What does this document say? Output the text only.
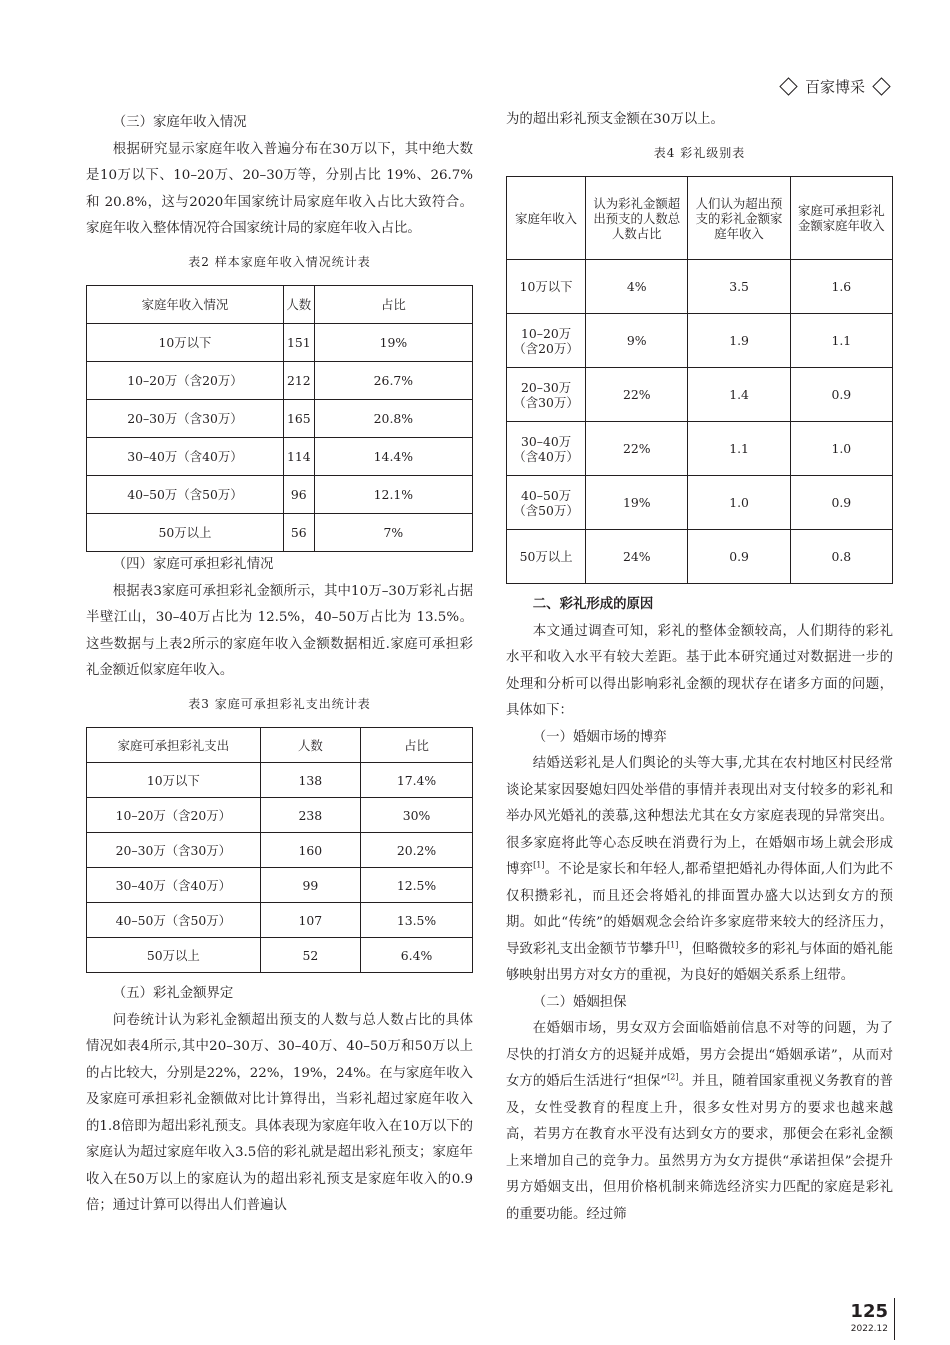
百家博采

（三）家庭年收入情况

根据研究显示家庭年收入普遍分布在30万以下，其中绝大数是10万以下、10–20万、20–30万等，分别占比 19%、26.7%和 20.8%，这与2020年国家统计局家庭年收入占比大致符合。家庭年收入整体情况符合国家统计局的家庭年收入占比。

表2 样本家庭年收入情况统计表
家庭年收入情况	人数	占比
10万以下	151	19%
10–20万（含20万）	212	26.7%
20–30万（含30万）	165	20.8%
30–40万（含40万）	114	14.4%
40–50万（含50万）	96	12.1%
50万以上	56	7%

（四）家庭可承担彩礼情况

根据表3家庭可承担彩礼金额所示，其中10万–30万彩礼占据半壁江山，30–40万占比为 12.5%，40–50万占比为 13.5%。这些数据与上表2所示的家庭年收入金额数据相近.家庭可承担彩礼金额近似家庭年收入。

表3 家庭可承担彩礼支出统计表
家庭可承担彩礼支出	人数	占比
10万以下	138	17.4%
10–20万（含20万）	238	30%
20–30万（含30万）	160	20.2%
30–40万（含40万）	99	12.5%
40–50万（含50万）	107	13.5%
50万以上	52	6.4%

（五）彩礼金额界定

问卷统计认为彩礼金额超出预支的人数与总人数占比的具体情况如表4所示,其中20–30万、30–40万、40–50万和50万以上的占比较大，分别是22%，22%，19%，24%。在与家庭年收入及家庭可承担彩礼金额做对比计算得出，当彩礼超过家庭年收入的1.8倍即为超出彩礼预支。具体表现为家庭年收入在10万以下的家庭认为超过家庭年收入3.5倍的彩礼就是超出彩礼预支；家庭年收入在50万以上的家庭认为的超出彩礼预支是家庭年收入的0.9倍；通过计算可以得出人们普遍认

为的超出彩礼预支金额在30万以上。

表4 彩礼级别表
家庭年收入	认为彩礼金额超出预支的人数总人数占比	人们认为超出预支的彩礼金额家庭年收入	家庭可承担彩礼金额家庭年收入
10万以下	4%	3.5	1.6
10–20万（含20万）	9%	1.9	1.1
20–30万（含30万）	22%	1.4	0.9
30–40万（含40万）	22%	1.1	1.0
40–50万（含50万）	19%	1.0	0.9
50万以上	24%	0.9	0.8

二、彩礼形成的原因

本文通过调查可知，彩礼的整体金额较高，人们期待的彩礼水平和收入水平有较大差距。基于此本研究通过对数据进一步的处理和分析可以得出影响彩礼金额的现状存在诸多方面的问题，具体如下：

（一）婚姻市场的博弈

结婚送彩礼是人们舆论的头等大事,尤其在农村地区村民经常谈论某家因娶媳妇四处举借的事情并表现出对支付较多的彩礼和举办风光婚礼的羡慕,这种想法尤其在女方家庭表现的异常突出。很多家庭将此等心态反映在消费行为上，在婚姻市场上就会形成博弈[1]。不论是家长和年轻人,都希望把婚礼办得体面,人们为此不仅积攒彩礼，而且还会将婚礼的排面置办盛大以达到女方的预期。如此“传统”的婚姻观念会给许多家庭带来较大的经济压力，导致彩礼支出金额节节攀升[1]，但略微较多的彩礼与体面的婚礼能够映射出男方对女方的重视，为良好的婚姻关系系上纽带。

（二）婚姻担保

在婚姻市场，男女双方会面临婚前信息不对等的问题，为了尽快的打消女方的迟疑并成婚，男方会提出“婚姻承诺”，从而对女方的婚后生活进行“担保”[2]。并且，随着国家重视义务教育的普及，女性受教育的程度上升，很多女性对男方的要求也越来越高，若男方在教育水平没有达到女方的要求，那便会在彩礼金额上来增加自己的竞争力。虽然男方为女方提供“承诺担保”会提升男方婚姻支出，但用价格机制来筛选经济实力匹配的家庭是彩礼的重要功能。经过筛

125
2022.12
